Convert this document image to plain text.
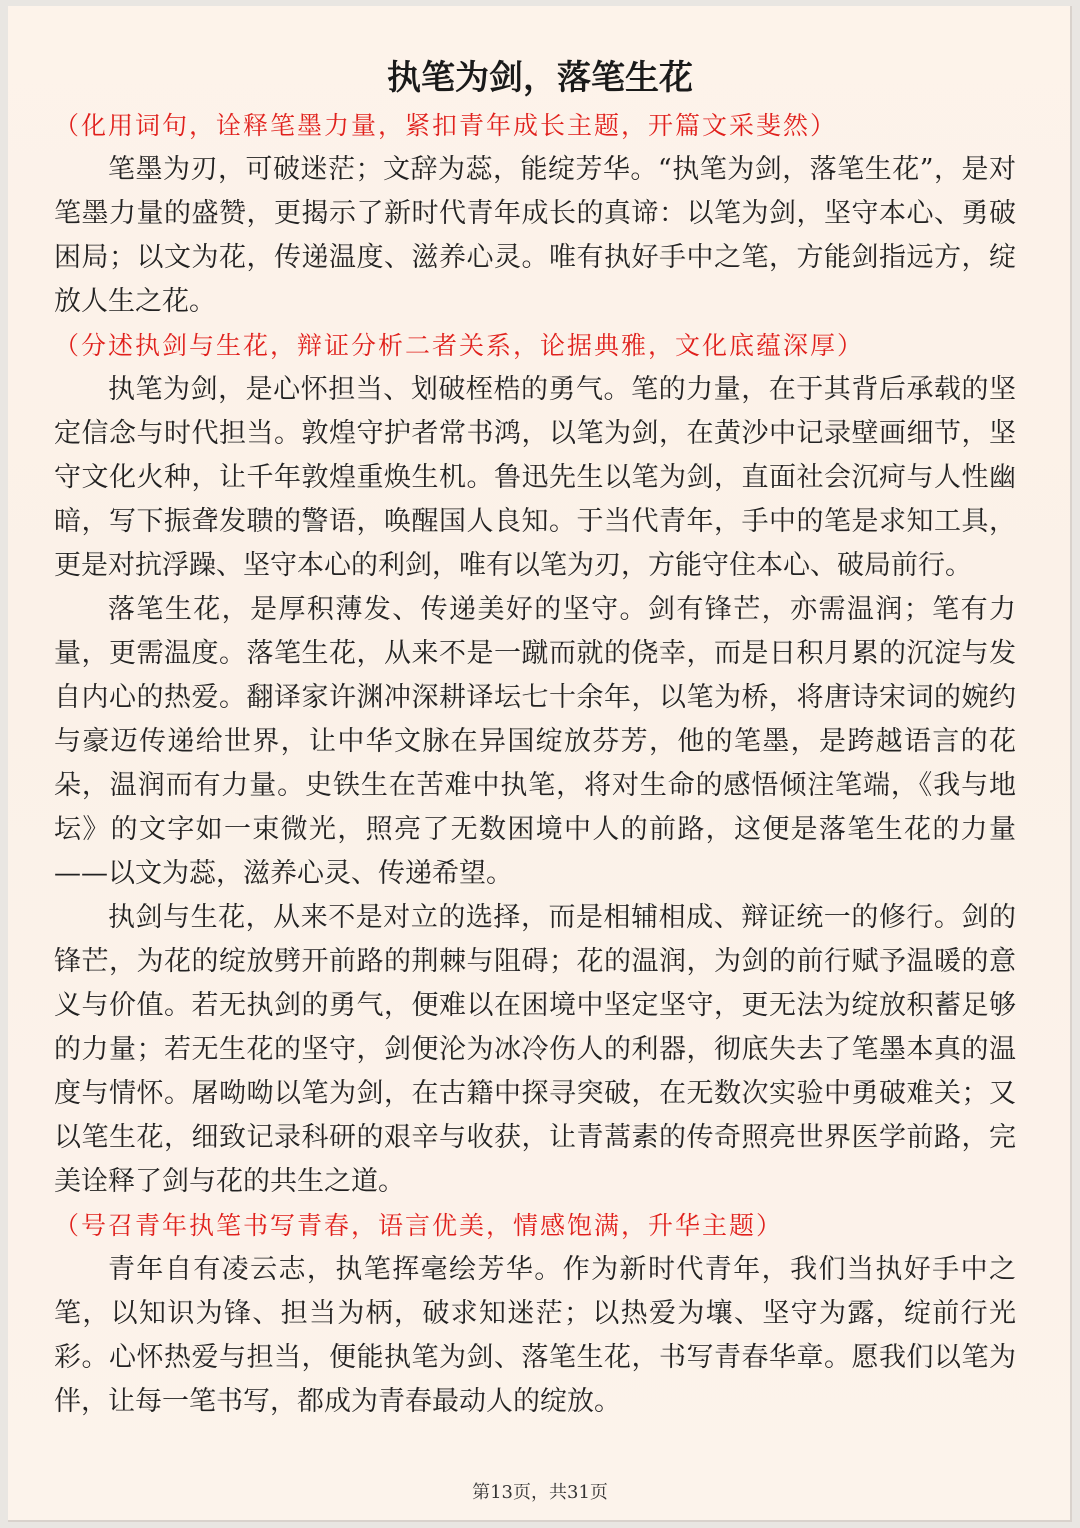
执笔为剑，落笔生花

（化用词句，诠释笔墨力量，紧扣青年成长主题，开篇文采斐然）

笔墨为刃，可破迷茫；文辞为蕊，能绽芳华。“执笔为剑，落笔生花”，是对笔墨力量的盛赞，更揭示了新时代青年成长的真谛：以笔为剑，坚守本心、勇破困局；以文为花，传递温度、滋养心灵。唯有执好手中之笔，方能剑指远方，绽放人生之花。

（分述执剑与生花，辩证分析二者关系，论据典雅，文化底蕴深厚）

执笔为剑，是心怀担当、划破桎梏的勇气。笔的力量，在于其背后承载的坚定信念与时代担当。敦煌守护者常书鸿，以笔为剑，在黄沙中记录壁画细节，坚守文化火种，让千年敦煌重焕生机。鲁迅先生以笔为剑，直面社会沉疴与人性幽暗，写下振聋发聩的警语，唤醒国人良知。于当代青年，手中的笔是求知工具，更是对抗浮躁、坚守本心的利剑，唯有以笔为刃，方能守住本心、破局前行。

落笔生花，是厚积薄发、传递美好的坚守。剑有锋芒，亦需温润；笔有力量，更需温度。落笔生花，从来不是一蹴而就的侥幸，而是日积月累的沉淀与发自内心的热爱。翻译家许渊冲深耕译坛七十余年，以笔为桥，将唐诗宋词的婉约与豪迈传递给世界，让中华文脉在异国绽放芬芳，他的笔墨，是跨越语言的花朵，温润而有力量。史铁生在苦难中执笔，将对生命的感悟倾注笔端，《我与地坛》的文字如一束微光，照亮了无数困境中人的前路，这便是落笔生花的力量——以文为蕊，滋养心灵、传递希望。

执剑与生花，从来不是对立的选择，而是相辅相成、辩证统一的修行。剑的锋芒，为花的绽放劈开前路的荆棘与阻碍；花的温润，为剑的前行赋予温暖的意义与价值。若无执剑的勇气，便难以在困境中坚定坚守，更无法为绽放积蓄足够的力量；若无生花的坚守，剑便沦为冰冷伤人的利器，彻底失去了笔墨本真的温度与情怀。屠呦呦以笔为剑，在古籍中探寻突破，在无数次实验中勇破难关；又以笔生花，细致记录科研的艰辛与收获，让青蒿素的传奇照亮世界医学前路，完美诠释了剑与花的共生之道。

（号召青年执笔书写青春，语言优美，情感饱满，升华主题）

青年自有凌云志，执笔挥毫绘芳华。作为新时代青年，我们当执好手中之笔，以知识为锋、担当为柄，破求知迷茫；以热爱为壤、坚守为露，绽前行光彩。心怀热爱与担当，便能执笔为剑、落笔生花，书写青春华章。愿我们以笔为伴，让每一笔书写，都成为青春最动人的绽放。

第13页，共31页
